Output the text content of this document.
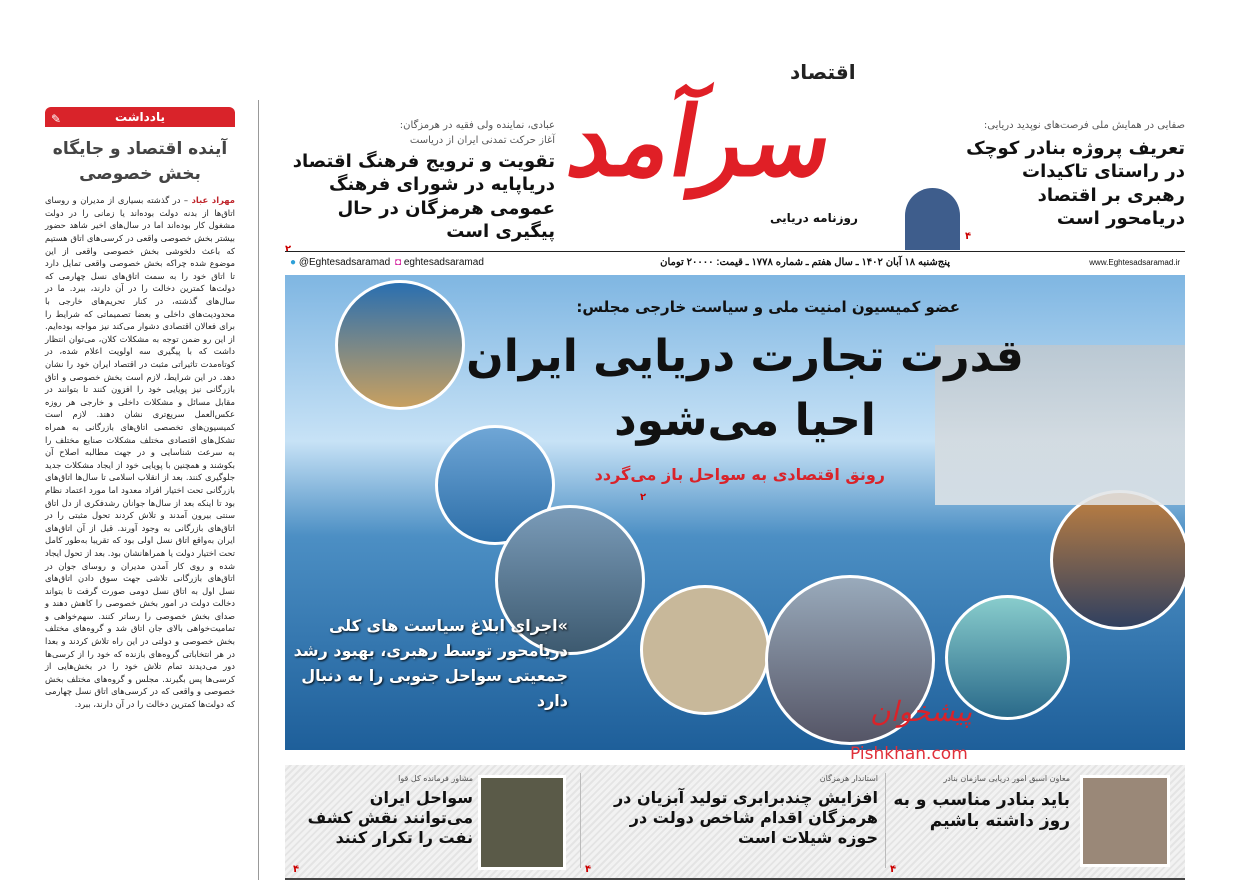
✎	یادداشت
آینده اقتصاد و جایگاه بخش خصوصی
مهراد عباد – در گذشته بسیاری از مدیران و روسای اتاق‌ها از بدنه دولت بوده‌اند یا زمانی را در دولت مشغول کار بوده‌اند اما در سال‌های اخیر شاهد حضور بیشتر بخش خصوصی واقعی در کرسی‌های اتاق هستیم که باعث دلخوشی بخش خصوصی واقعی از این موضوع شده چراکه بخش خصوصی واقعی تمایل دارد تا اتاق خود را به سمت اتاق‌های نسل چهارمی که دولت‌ها کمترین دخالت را در آن دارند، ببرد. ما در سال‌های گذشته، در کنار تحریم‌های خارجی با محدودیت‌های داخلی و بعضا تصمیماتی که شرایط را برای فعالان اقتصادی دشوار می‌کند نیز مواجه بوده‌ایم. از این رو ضمن توجه به مشکلات کلان، می‌توان انتظار داشت که با پیگیری سه اولویت اعلام شده، در کوتاه‌مدت تاثیراتی مثبت در اقتصاد ایران خود را نشان دهد. در این شرایط، لازم است بخش خصوصی و اتاق بازرگانی نیز پویایی خود را افزون کنند تا بتوانند در مقابل مسائل و مشکلات داخلی و خارجی هر روزه عکس‌العمل سریع‌تری نشان دهند. لازم است کمیسیون‌های تخصصی اتاق‌های بازرگانی به همراه تشکل‌های اقتصادی مختلف مشکلات صنایع مختلف را به سرعت شناسایی و در جهت مطالبه اصلاح آن بکوشند و همچنین با پویایی خود از ایجاد مشکلات جدید جلوگیری کنند. بعد از انقلاب اسلامی تا سال‌ها اتاق‌های بازرگانی تحت اختیار افراد معدود اما مورد اعتماد نظام بود تا اینکه بعد از سال‌ها جوانان رشدفکری از دل اتاق سنتی بیرون آمدند و تلاش کردند تحول مثبتی را در اتاق‌های بازرگانی به وجود آورند. قبل از آن اتاق‌های ایران به‌واقع اتاق نسل اولی بود که تقریبا به‌طور کامل تحت اختیار دولت یا همراهانشان بود. بعد از تحول ایجاد شده و روی کار آمدن مدیران و روسای جوان در اتاق‌های بازرگانی تلاشی جهت سوق دادن اتاق‌های نسل اول به اتاق نسل دومی صورت گرفت تا بتواند دخالت دولت در امور بخش خصوصی را کاهش دهند و صدای بخش خصوصی را رسا‌تر کنند. سهم‌خواهی و تمامیت‌خواهی بالای جان اتاق شد و گروه‌های مختلف بخش خصوصی و دولتی در این راه تلاش کردند و بعدا در هر انتخاباتی گروه‌های بازنده که خود را از کرسی‌ها دور می‌دیدند تمام تلاش خود را در بخش‌هایی از کرسی‌ها پس بگیرند. مجلس و گروه‌های مختلف بخش خصوصی و واقعی که در کرسی‌های اتاق نسل چهارمی که دولت‌ها کمترین دخالت را در آن دارند، ببرد.
عبادی، نماینده ولی فقیه در هرمزگان:
آغاز حرکت تمدنی ایران از دریاست
تقویت و ترویج فرهنگ اقتصاد دریاپایه در شورای فرهنگ عمومی هرمزگان در حال پیگیری است
۲
اقتصاد
سرآمد
روزنامه دریایی
صفایی در همایش ملی فرصت‌های نوپدید دریایی:
تعریف پروژه بنادر کوچک در راستای تاکیدات رهبری بر اقتصاد دریامحور است
۴
● @Eghtesadsaramad ◘ eghtesadsaramad	پنج‌شنبه ۱۸ آبان ۱۴۰۲ ـ سال هفتم ـ شماره ۱۷۷۸ ـ قیمت: ۲۰۰۰۰ تومان	www.Eghtesadsaramad.ir
عضو کمیسیون امنیت ملی و سیاست خارجی مجلس:
قدرت تجارت دریایی ایران
احیا می‌شود
رونق اقتصادی به سواحل باز می‌گردد
۲
»اجرای ابلاغ سیاست های کلی دریامحور توسط رهبری، بهبود رشد جمعیتی سواحل جنوبی را به دنبال دارد	پیشخوان
Pishkhan.com
معاون اسبق امور دریایی سازمان بنادر
باید بنادر مناسب و به روز داشته باشیم
۴
استاندار هرمزگان
افزایش چندبرابری تولید آبزیان در هرمزگان اقدام شاخص دولت در حوزه شیلات است
۴
مشاور فرمانده کل قوا
سواحل ایران می‌توانند نقش کشف نفت را تکرار کنند
۴
